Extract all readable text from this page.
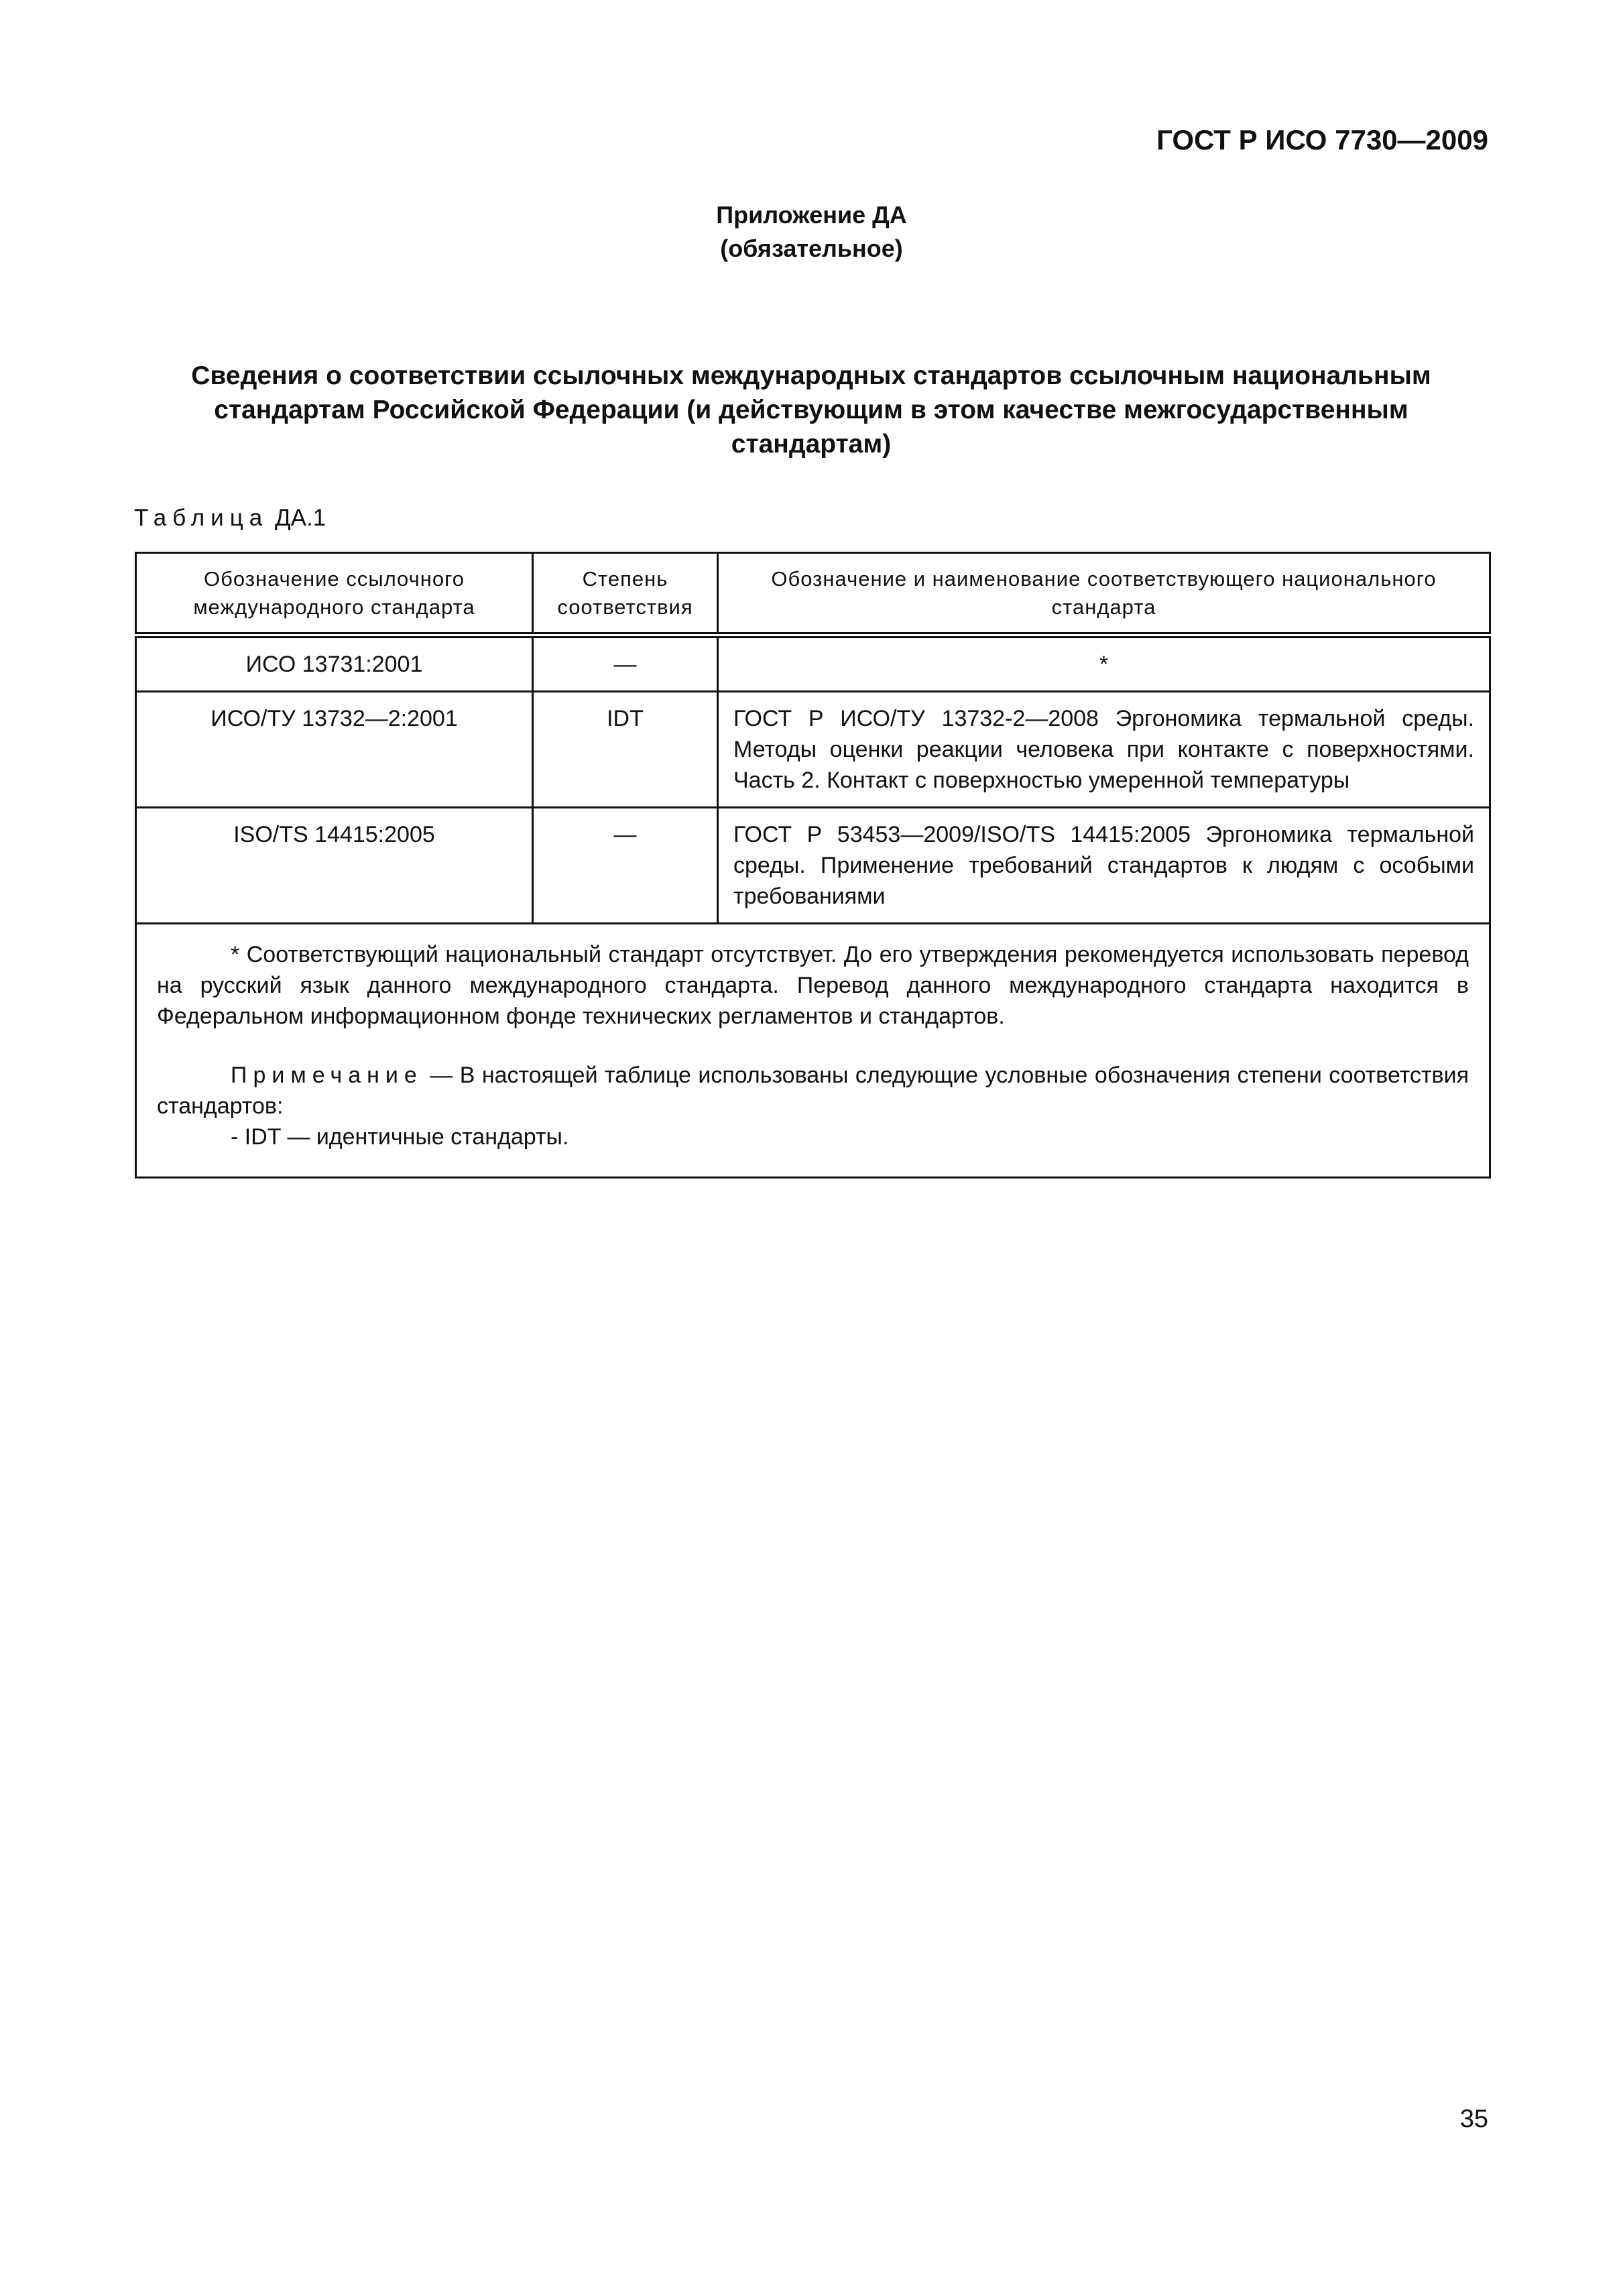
ГОСТ Р ИСО 7730—2009
Приложение ДА
(обязательное)
Сведения о соответствии ссылочных международных стандартов ссылочным национальным стандартам Российской Федерации (и действующим в этом качестве межгосударственным стандартам)
Таблица ДА.1
Обозначение ссылочного международного стандарта	Степень соответствия	Обозначение и наименование соответствующего национального стандарта
ИСО 13731:2001	—	*
ИСО/ТУ 13732—2:2001	IDT	ГОСТ Р ИСО/ТУ 13732-2—2008 Эргономика термальной среды. Методы оценки реакции человека при контакте с поверхностями. Часть 2. Контакт с поверхностью умеренной температуры
ISO/TS 14415:2005	—	ГОСТ Р 53453—2009/ISO/TS 14415:2005 Эргономика термальной среды. Применение требований стандартов к людям с особыми требованиями

* Соответствующий национальный стандарт отсутствует. До его утверждения рекомендуется использовать перевод на русский язык данного международного стандарта. Перевод данного международного стандарта находится в Федеральном информационном фонде технических регламентов и стандартов.

Примечание — В настоящей таблице использованы следующие условные обозначения степени соответствия стандартов:

- IDT — идентичные стандарты.		

35
